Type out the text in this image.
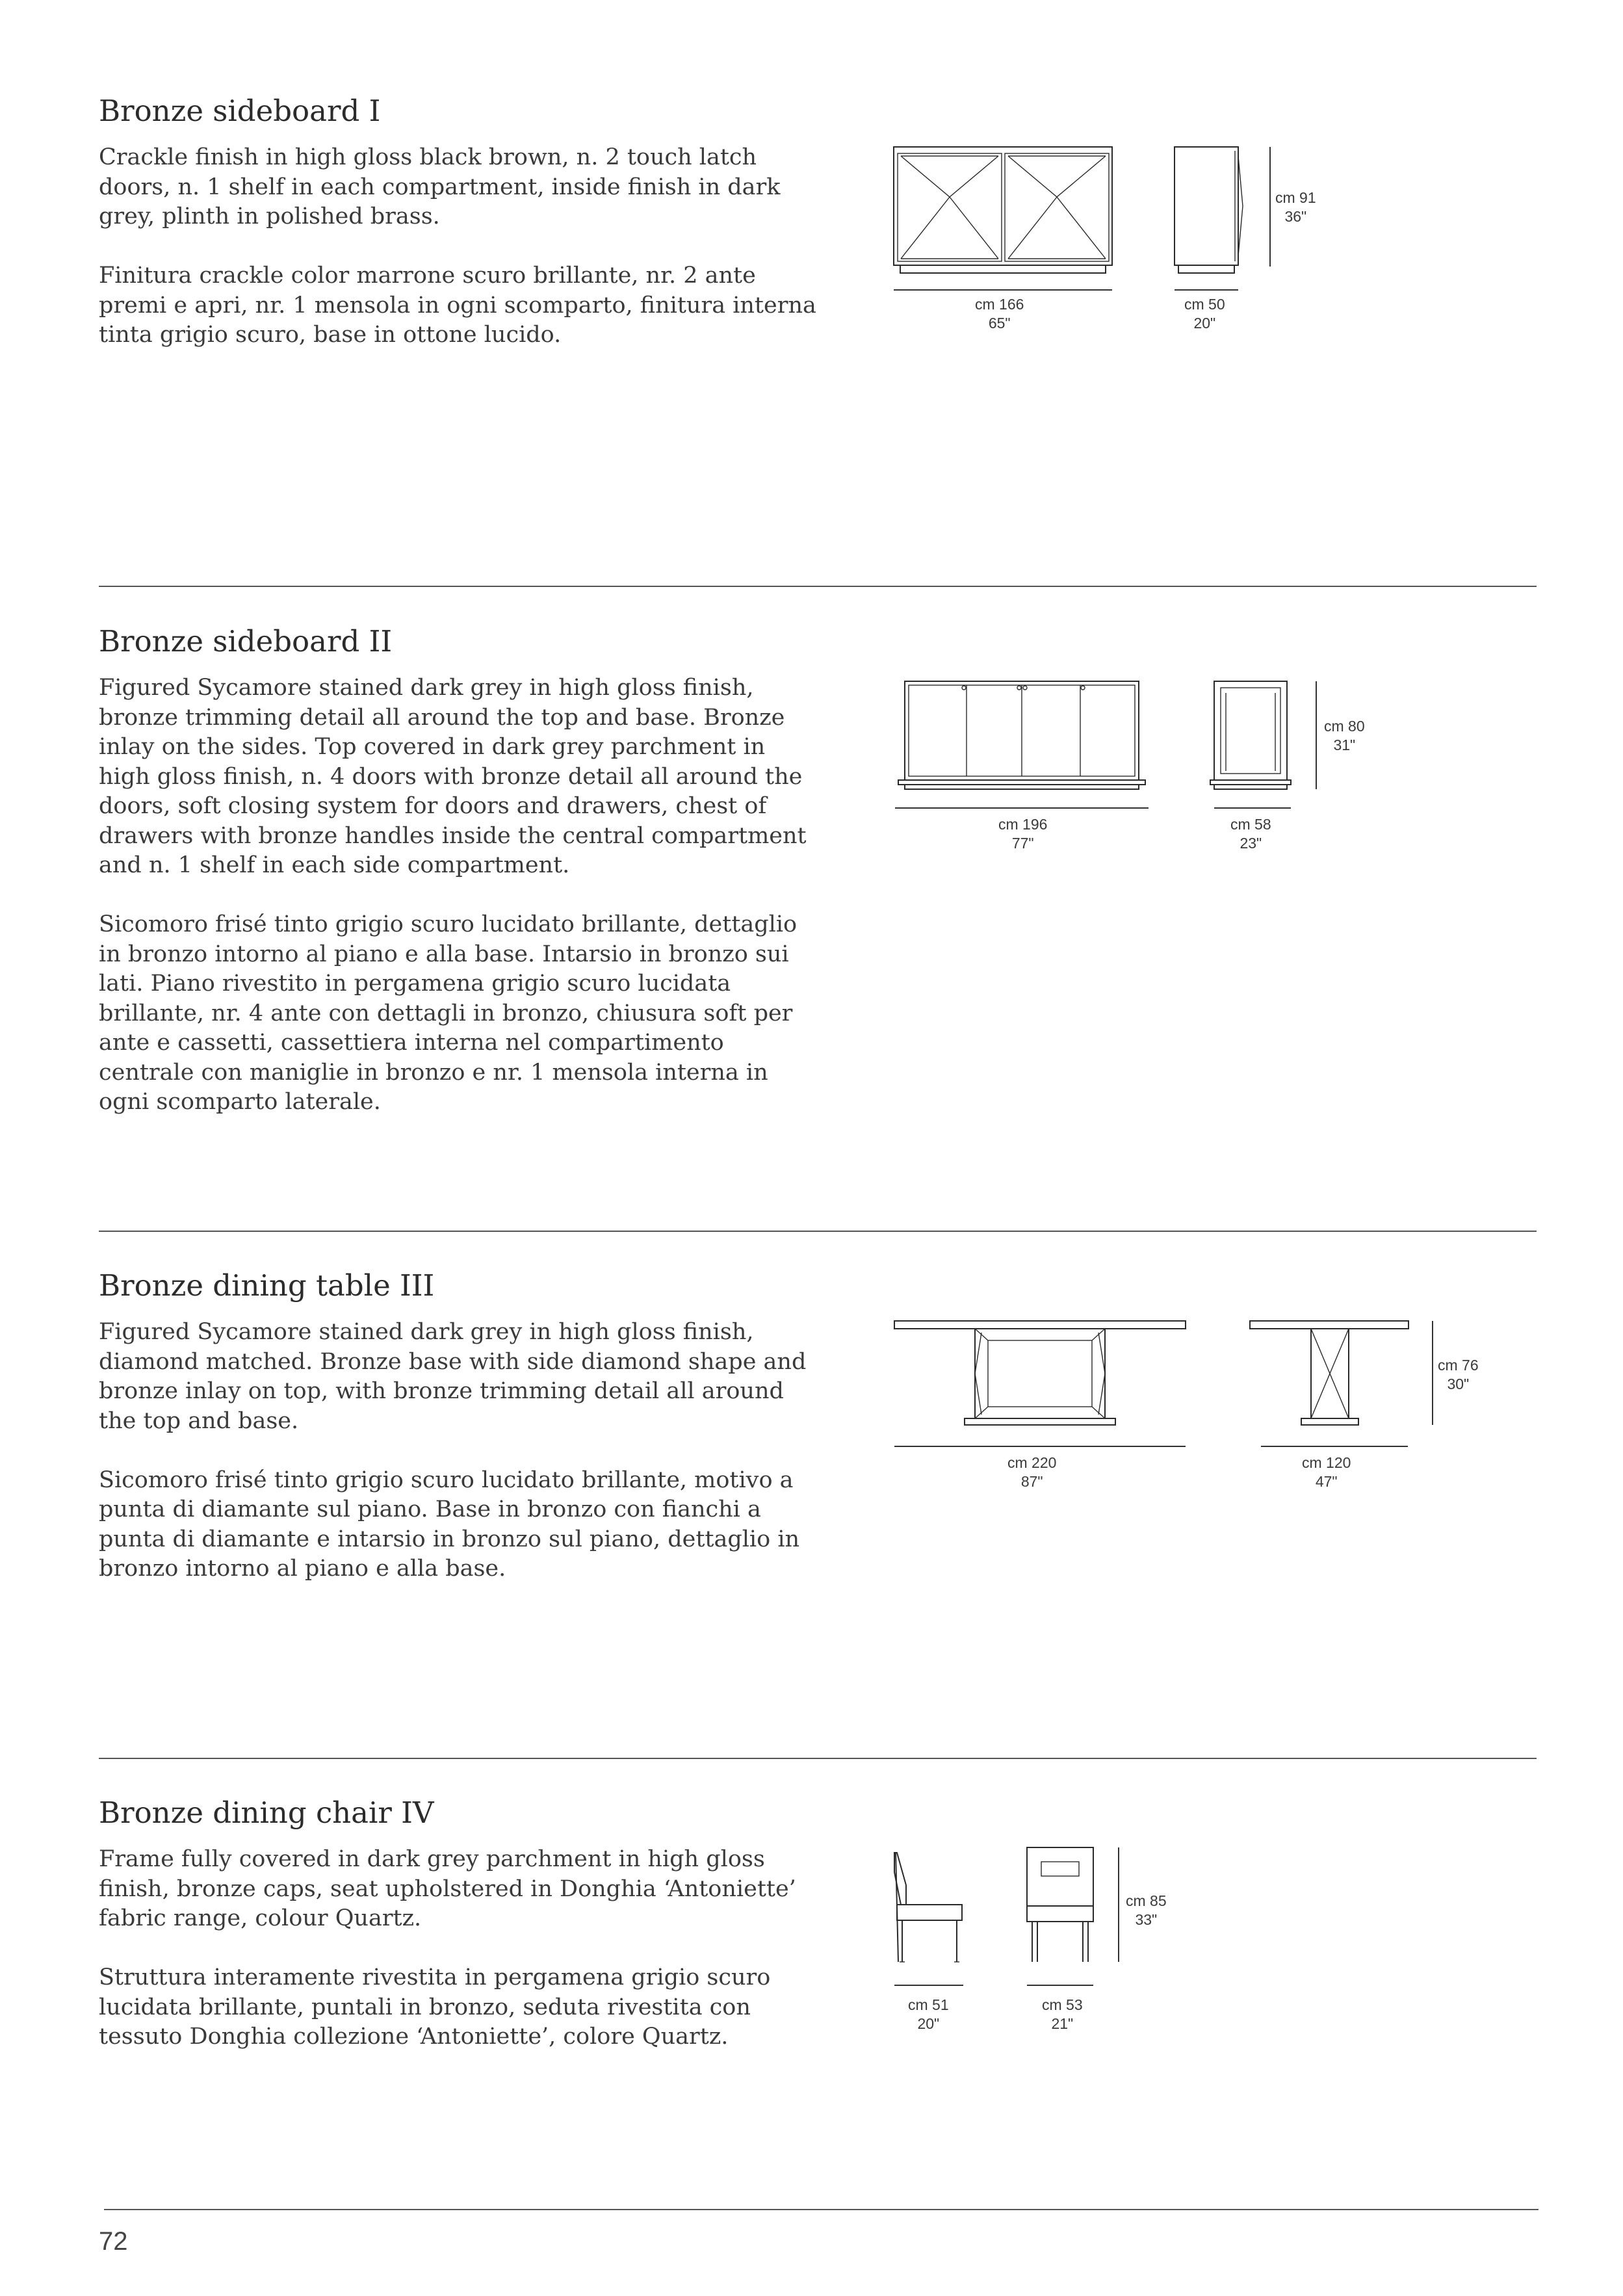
Bronze sideboard I

Crackle finish in high gloss black brown, n. 2 touch latch doors, n. 1 shelf in each compartment, inside finish in dark grey, plinth in polished brass.

Finitura crackle color marrone scuro brillante, nr. 2 ante premi e apri, nr. 1 mensola in ogni scomparto, finitura interna tinta grigio scuro, base in ottone lucido.

cm 166
65"
cm 50
20"
cm 91
36"
Bronze sideboard II

Figured Sycamore stained dark grey in high gloss finish, bronze trimming detail all around the top and base. Bronze inlay on the sides. Top covered in dark grey parchment in high gloss finish, n. 4 doors with bronze detail all around the doors, soft closing system for doors and drawers, chest of drawers with bronze handles inside the central compartment and n. 1 shelf in each side compartment.

Sicomoro frisé tinto grigio scuro lucidato brillante, dettaglio in bronzo intorno al piano e alla base. Intarsio in bronzo sui lati. Piano rivestito in pergamena grigio scuro lucidata brillante, nr. 4 ante con dettagli in bronzo, chiusura soft per ante e cassetti, cassettiera interna nel compartimento centrale con maniglie in bronzo e nr. 1 mensola interna in ogni scomparto laterale.

cm 196
77"
cm 58
23"
cm 80
31"
Bronze dining table III

Figured Sycamore stained dark grey in high gloss finish, diamond matched. Bronze base with side diamond shape and bronze inlay on top, with bronze trimming detail all around the top and base.

Sicomoro frisé tinto grigio scuro lucidato brillante, motivo a punta di diamante sul piano. Base in bronzo con fianchi a punta di diamante e intarsio in bronzo sul piano, dettaglio in bronzo intorno al piano e alla base.

cm 220
87"
cm 120
47"
cm 76
30"
Bronze dining chair IV

Frame fully covered in dark grey parchment in high gloss finish, bronze caps, seat upholstered in Donghia ‘Antoniette’ fabric range, colour Quartz.

Struttura interamente rivestita in pergamena grigio scuro lucidata brillante, puntali in bronzo, seduta rivestita con tessuto Donghia collezione ‘Antoniette’, colore Quartz.

cm 51
20"
cm 53
21"
cm 85
33"
72
